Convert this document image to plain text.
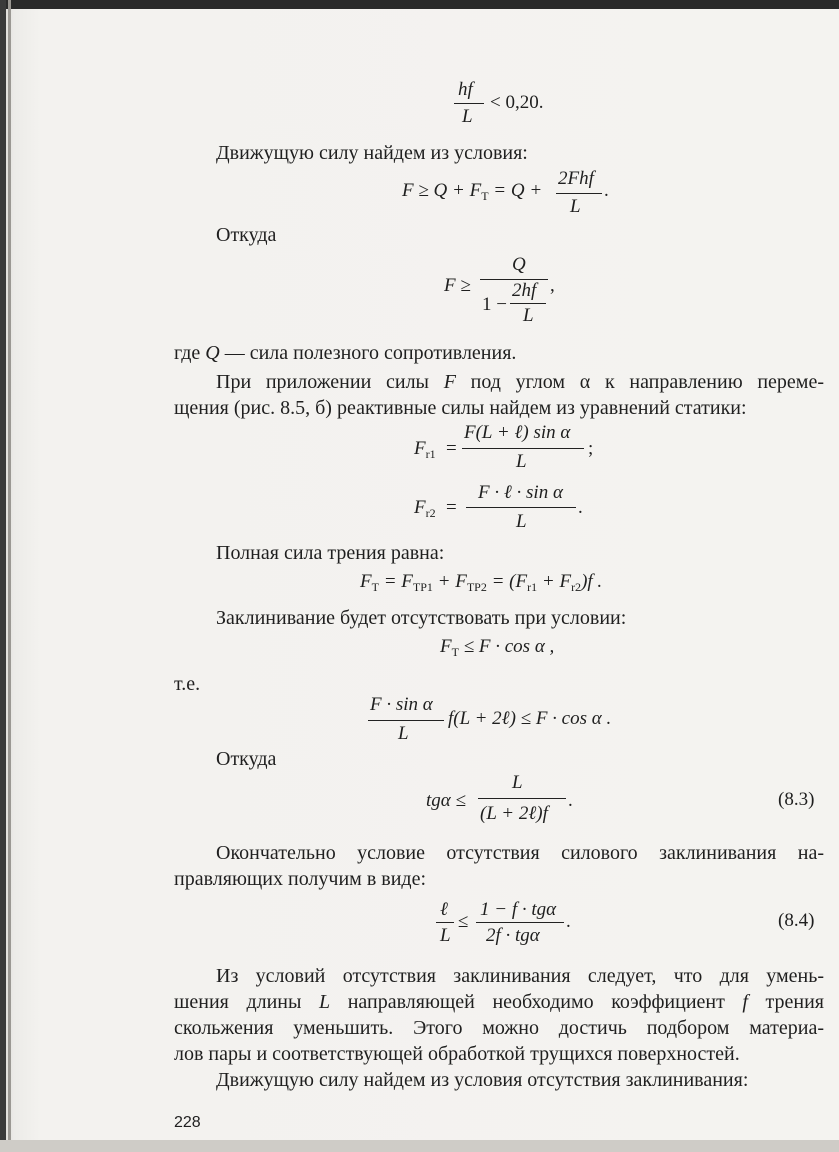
hf
L
< 0,20.
Движущую силу найдем из условия:
$F \ge Q + F_T = Q$ +
2Fhf
L
.
Откуда
F ≥
Q
1 −
2hf
L
,
где Q — сила полезного сопротивления.
При приложении силы F под углом α к направлению переме-
щения (рис. 8.5, б) реактивные силы найдем из уравнений статики:
$F_{r1}$ =
F(L + ℓ) sin α
L
;
$F_{r2}$ =
F · ℓ · sin α
L
.
Полная сила трения равна:
$F_T = F_{TP1} + F_{TP2} = (F_{r1} + F_{r2})f$ .
Заклинивание будет отсутствовать при условии:
$F_T \le F \cdot \cos \alpha$ ,
т.е.
F · sin α
L
f(L + 2ℓ) ≤ F · cos α .
Откуда
tgα ≤
L
(L + 2ℓ)f
.	(8.3)
Окончательно условие отсутствия силового заклинивания на-
правляющих получим в виде:
ℓ
L
≤
1 − f · tgα
2f · tgα
.	(8.4)
Из условий отсутствия заклинивания следует, что для умень-
шения длины L направляющей необходимо коэффициент f трения
скольжения уменьшить. Этого можно достичь подбором материа-
лов пары и соответствующей обработкой трущихся поверхностей.
Движущую силу найдем из условия отсутствия заклинивания:
228
